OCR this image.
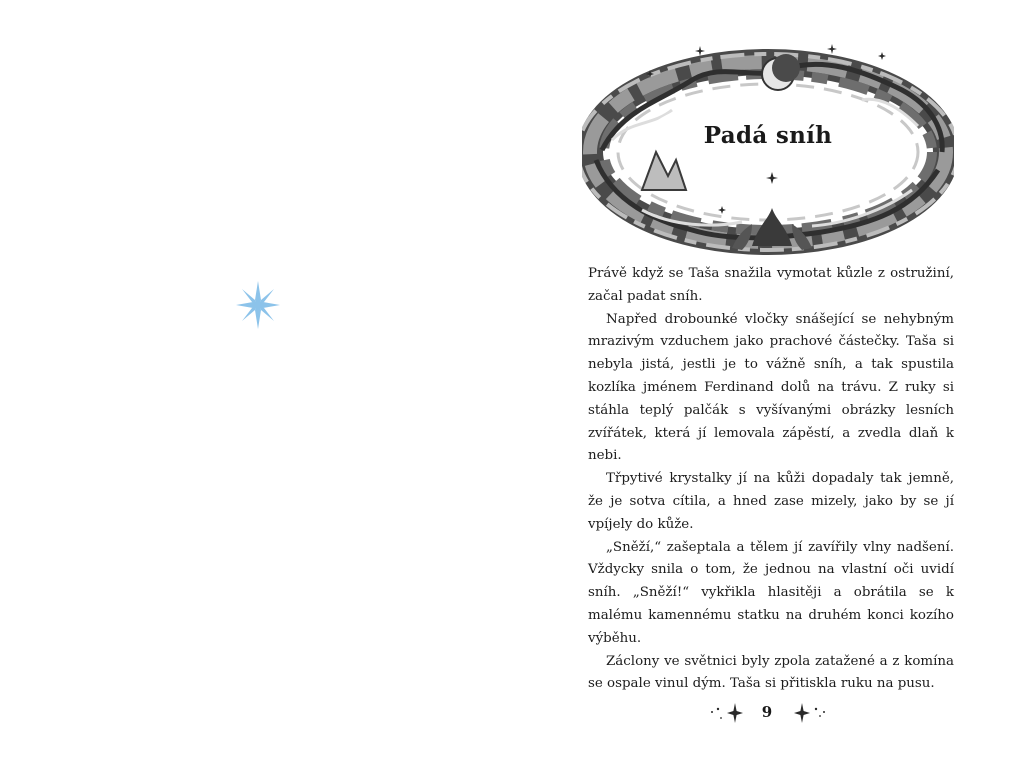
Padá sníh

Právě když se Taša snažila vymotat kůzle z ostružiní, začal padat sníh.

Napřed drobounké vločky snášející se nehybným mrazivým vzduchem jako prachové částečky. Taša si nebyla jistá, jestli je to vážně sníh, a tak spustila kozlíka jménem Ferdinand dolů na trávu. Z ruky si stáhla teplý palčák s vyšívanými obrázky lesních zvířátek, která jí lemovala zápěstí, a zvedla dlaň k nebi.

Třpytivé krystalky jí na kůži dopadaly tak jemně, že je sotva cítila, a hned zase mizely, jako by se jí vpíjely do kůže.

„Sněží,“ zašeptala a tělem jí zavířily vlny nadšení. Vždycky snila o tom, že jednou na vlastní oči uvidí sníh. „Sněží!“ vykřikla hlasitěji a obrátila se k malému kamennému statku na druhém konci kozího výběhu.

Záclony ve světnici byly zpola zatažené a z komína se ospale vinul dým. Taša si přitiskla ruku na pusu.

9
